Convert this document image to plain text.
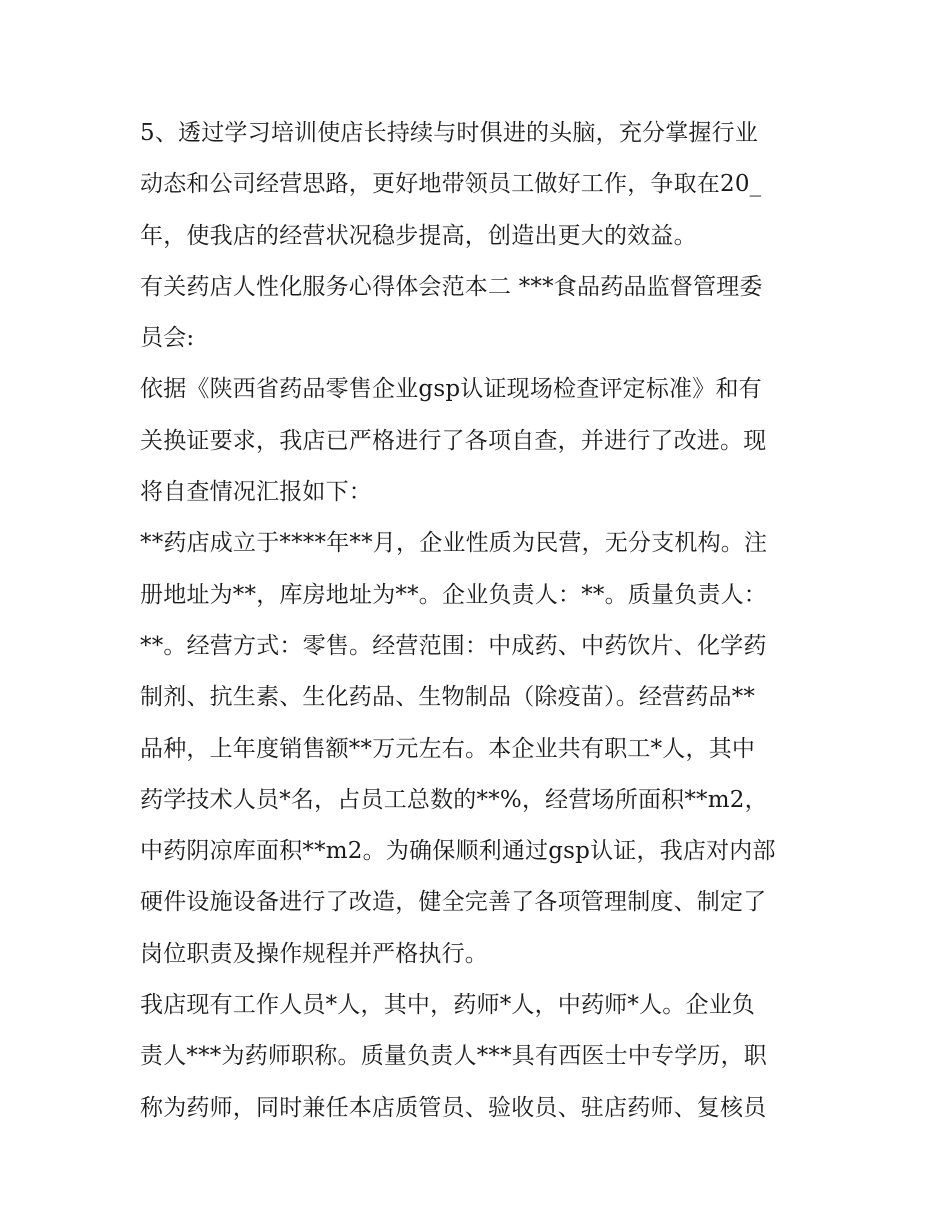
5、透过学习培训使店长持续与时俱进的头脑，充分掌握行业
动态和公司经营思路，更好地带领员工做好工作，争取在20_
年，使我店的经营状况稳步提高，创造出更大的效益。
有关药店人性化服务心得体会范本二 ***食品药品监督管理委
员会:
依据《陕西省药品零售企业gsp认证现场检查评定标准》和有
关换证要求，我店已严格进行了各项自查，并进行了改进。现
将自查情况汇报如下：
**药店成立于****年**月，企业性质为民营，无分支机构。注
册地址为**，库房地址为**。企业负责人：**。质量负责人：
**。经营方式：零售。经营范围：中成药、中药饮片、化学药
制剂、抗生素、生化药品、生物制品（除疫苗）。经营药品**
品种，上年度销售额**万元左右。本企业共有职工*人，其中
药学技术人员*名，占员工总数的**%，经营场所面积**m2，
中药阴凉库面积**m2。为确保顺利通过gsp认证，我店对内部
硬件设施设备进行了改造，健全完善了各项管理制度、制定了
岗位职责及操作规程并严格执行。
我店现有工作人员*人，其中，药师*人，中药师*人。企业负
责人***为药师职称。质量负责人***具有西医士中专学历，职
称为药师，同时兼任本店质管员、验收员、驻店药师、复核员
